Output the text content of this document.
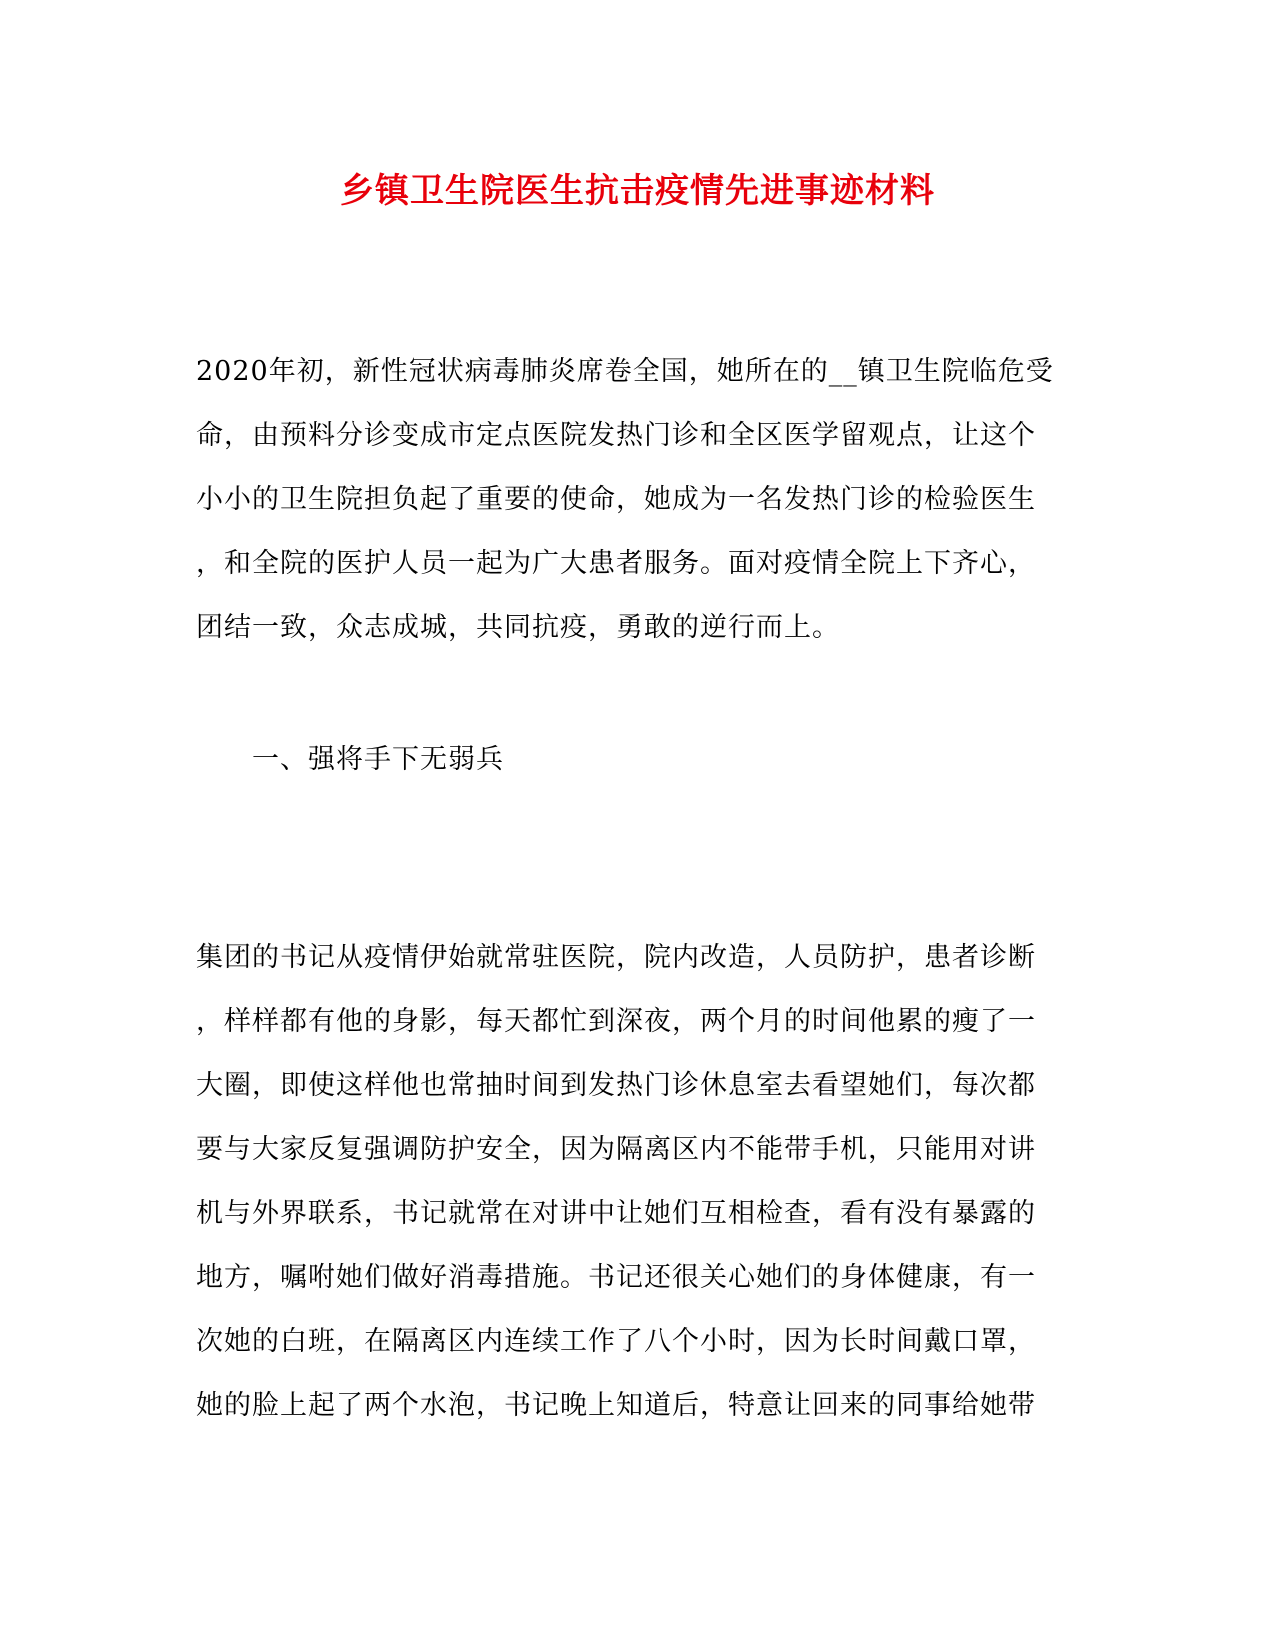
乡镇卫生院医生抗击疫情先进事迹材料
2020年初，新性冠状病毒肺炎席卷全国，她所在的__镇卫生院临危受
命，由预料分诊变成市定点医院发热门诊和全区医学留观点，让这个
小小的卫生院担负起了重要的使命，她成为一名发热门诊的检验医生
，和全院的医护人员一起为广大患者服务。面对疫情全院上下齐心，
团结一致，众志成城，共同抗疫，勇敢的逆行而上。
一、强将手下无弱兵
集团的书记从疫情伊始就常驻医院，院内改造，人员防护，患者诊断
，样样都有他的身影，每天都忙到深夜，两个月的时间他累的瘦了一
大圈，即使这样他也常抽时间到发热门诊休息室去看望她们，每次都
要与大家反复强调防护安全，因为隔离区内不能带手机，只能用对讲
机与外界联系，书记就常在对讲中让她们互相检查，看有没有暴露的
地方，嘱咐她们做好消毒措施。书记还很关心她们的身体健康，有一
次她的白班，在隔离区内连续工作了八个小时，因为长时间戴口罩，
她的脸上起了两个水泡，书记晚上知道后，特意让回来的同事给她带
